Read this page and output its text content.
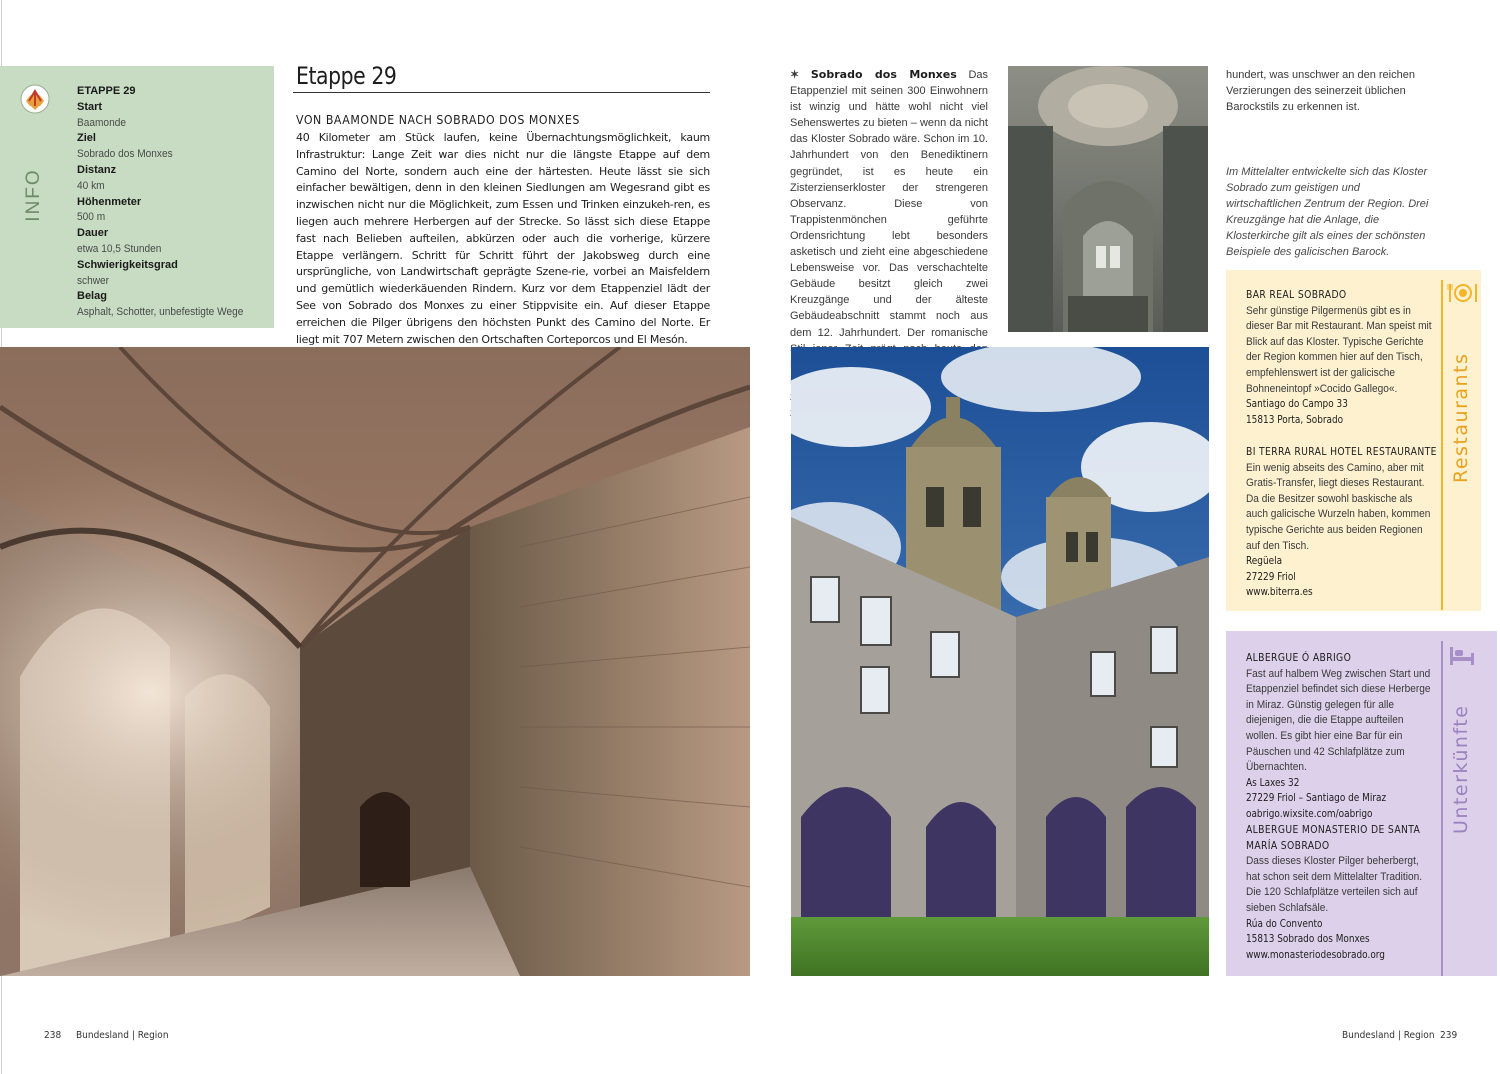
INFO
ETAPPE 29
Start
Baamonde
Ziel
Sobrado dos Monxes
Distanz
40 km
Höhenmeter
500 m
Dauer
etwa 10,5 Stunden
Schwierigkeitsgrad
schwer
Belag
Asphalt, Schotter, unbefestigte Wege
Etappe 29
VON BAAMONDE NACH SOBRADO DOS MONXES
40 Kilometer am Stück laufen, keine Übernachtungsmöglichkeit, kaum Infrastruktur: Lange Zeit war dies nicht nur die längste Etappe auf dem Camino del Norte, sondern auch eine der härtesten. Heute lässt sie sich einfacher bewältigen, denn in den kleinen Siedlungen am Wegesrand gibt es inzwischen nicht nur die Möglichkeit, zum Essen und Trinken einzukeh-ren, es liegen auch mehrere Herbergen auf der Strecke. So lässt sich diese Etappe fast nach Belieben aufteilen, abkürzen oder auch die vorherige, kürzere Etappe verlängern. Schritt für Schritt führt der Jakobsweg durch eine ursprüngliche, von Landwirtschaft geprägte Szene-rie, vorbei an Maisfeldern und gemütlich wiederkäuenden Rindern. Kurz vor dem Etappenziel lädt der See von Sobrado dos Monxes zu einer Stippvisite ein. Auf dieser Etappe erreichen die Pilger übrigens den höchsten Punkt des Camino del Norte. Er liegt mit 707 Metern zwischen den Ortschaften Corteporcos und El Mesón.
✶ Sobrado dos Monxes Das Etappenziel mit seinen 300 Einwohnern ist winzig und hätte wohl nicht viel Sehenswertes zu bieten – wenn da nicht das Kloster Sobrado wäre. Schon im 10. Jahrhundert von den Benediktinern gegründet, ist es heute ein Zisterzienserkloster der strengeren Observanz. Diese von Trappistenmönchen geführte Ordensrichtung lebt besonders asketisch und zieht eine abgeschiedene Lebensweise vor. Das verschachtelte Gebäude besitzt gleich zwei Kreuzgänge und der älteste Gebäudeabschnitt stammt noch aus dem 12. Jahrhundert. Der romanische
hundert, was unschwer an den reichen Verzierungen des seinerzeit üblichen Barockstils zu erkennen ist.
Im Mittelalter entwickelte sich das Kloster Sobrado zum geistigen und wirtschaftlichen Zentrum der Region. Drei Kreuzgänge hat die Anlage, die Klosterkirche gilt als eines der schönsten Beispiele des galicischen Barock.
Restaurants
BAR REAL SOBRADO
Sehr günstige Pilgermenüs gibt es in dieser Bar mit Restaurant. Man speist mit Blick auf das Kloster. Typische Gerichte der Region kommen hier auf den Tisch, empfehlenswert ist der galicische Bohneneintopf »Cocido Gallego«.
Santiago do Campo 33
15813 Porta, Sobrado
BI TERRA RURAL HOTEL RESTAURANTE
Ein wenig abseits des Camino, aber mit Gratis-Transfer, liegt dieses Restaurant. Da die Besitzer sowohl baskische als auch galicische Wurzeln haben, kommen typische Gerichte aus beiden Regionen auf den Tisch.
Regüela
27229 Friol
www.biterra.es
Unterkünfte
ALBERGUE Ó ABRIGO
Fast auf halbem Weg zwischen Start und Etappenziel befindet sich diese Herberge in Miraz. Günstig gelegen für alle diejenigen, die die Etappe aufteilen wollen. Es gibt hier eine Bar für ein Päuschen und 42 Schlafplätze zum Übernachten.
As Laxes 32
27229 Friol – Santiago de Miraz
oabrigo.wixsite.com/oabrigo
ALBERGUE MONASTERIO DE SANTA MARÍA SOBRADO
Dass dieses Kloster Pilger beherbergt, hat schon seit dem Mittelalter Tradition. Die 120 Schlafplätze verteilen sich auf sieben Schlafsäle.
Rúa do Convento
15813 Sobrado dos Monxes
www.monasteriodesobrado.org
238 Bundesland | Region	Bundesland | Region 239
